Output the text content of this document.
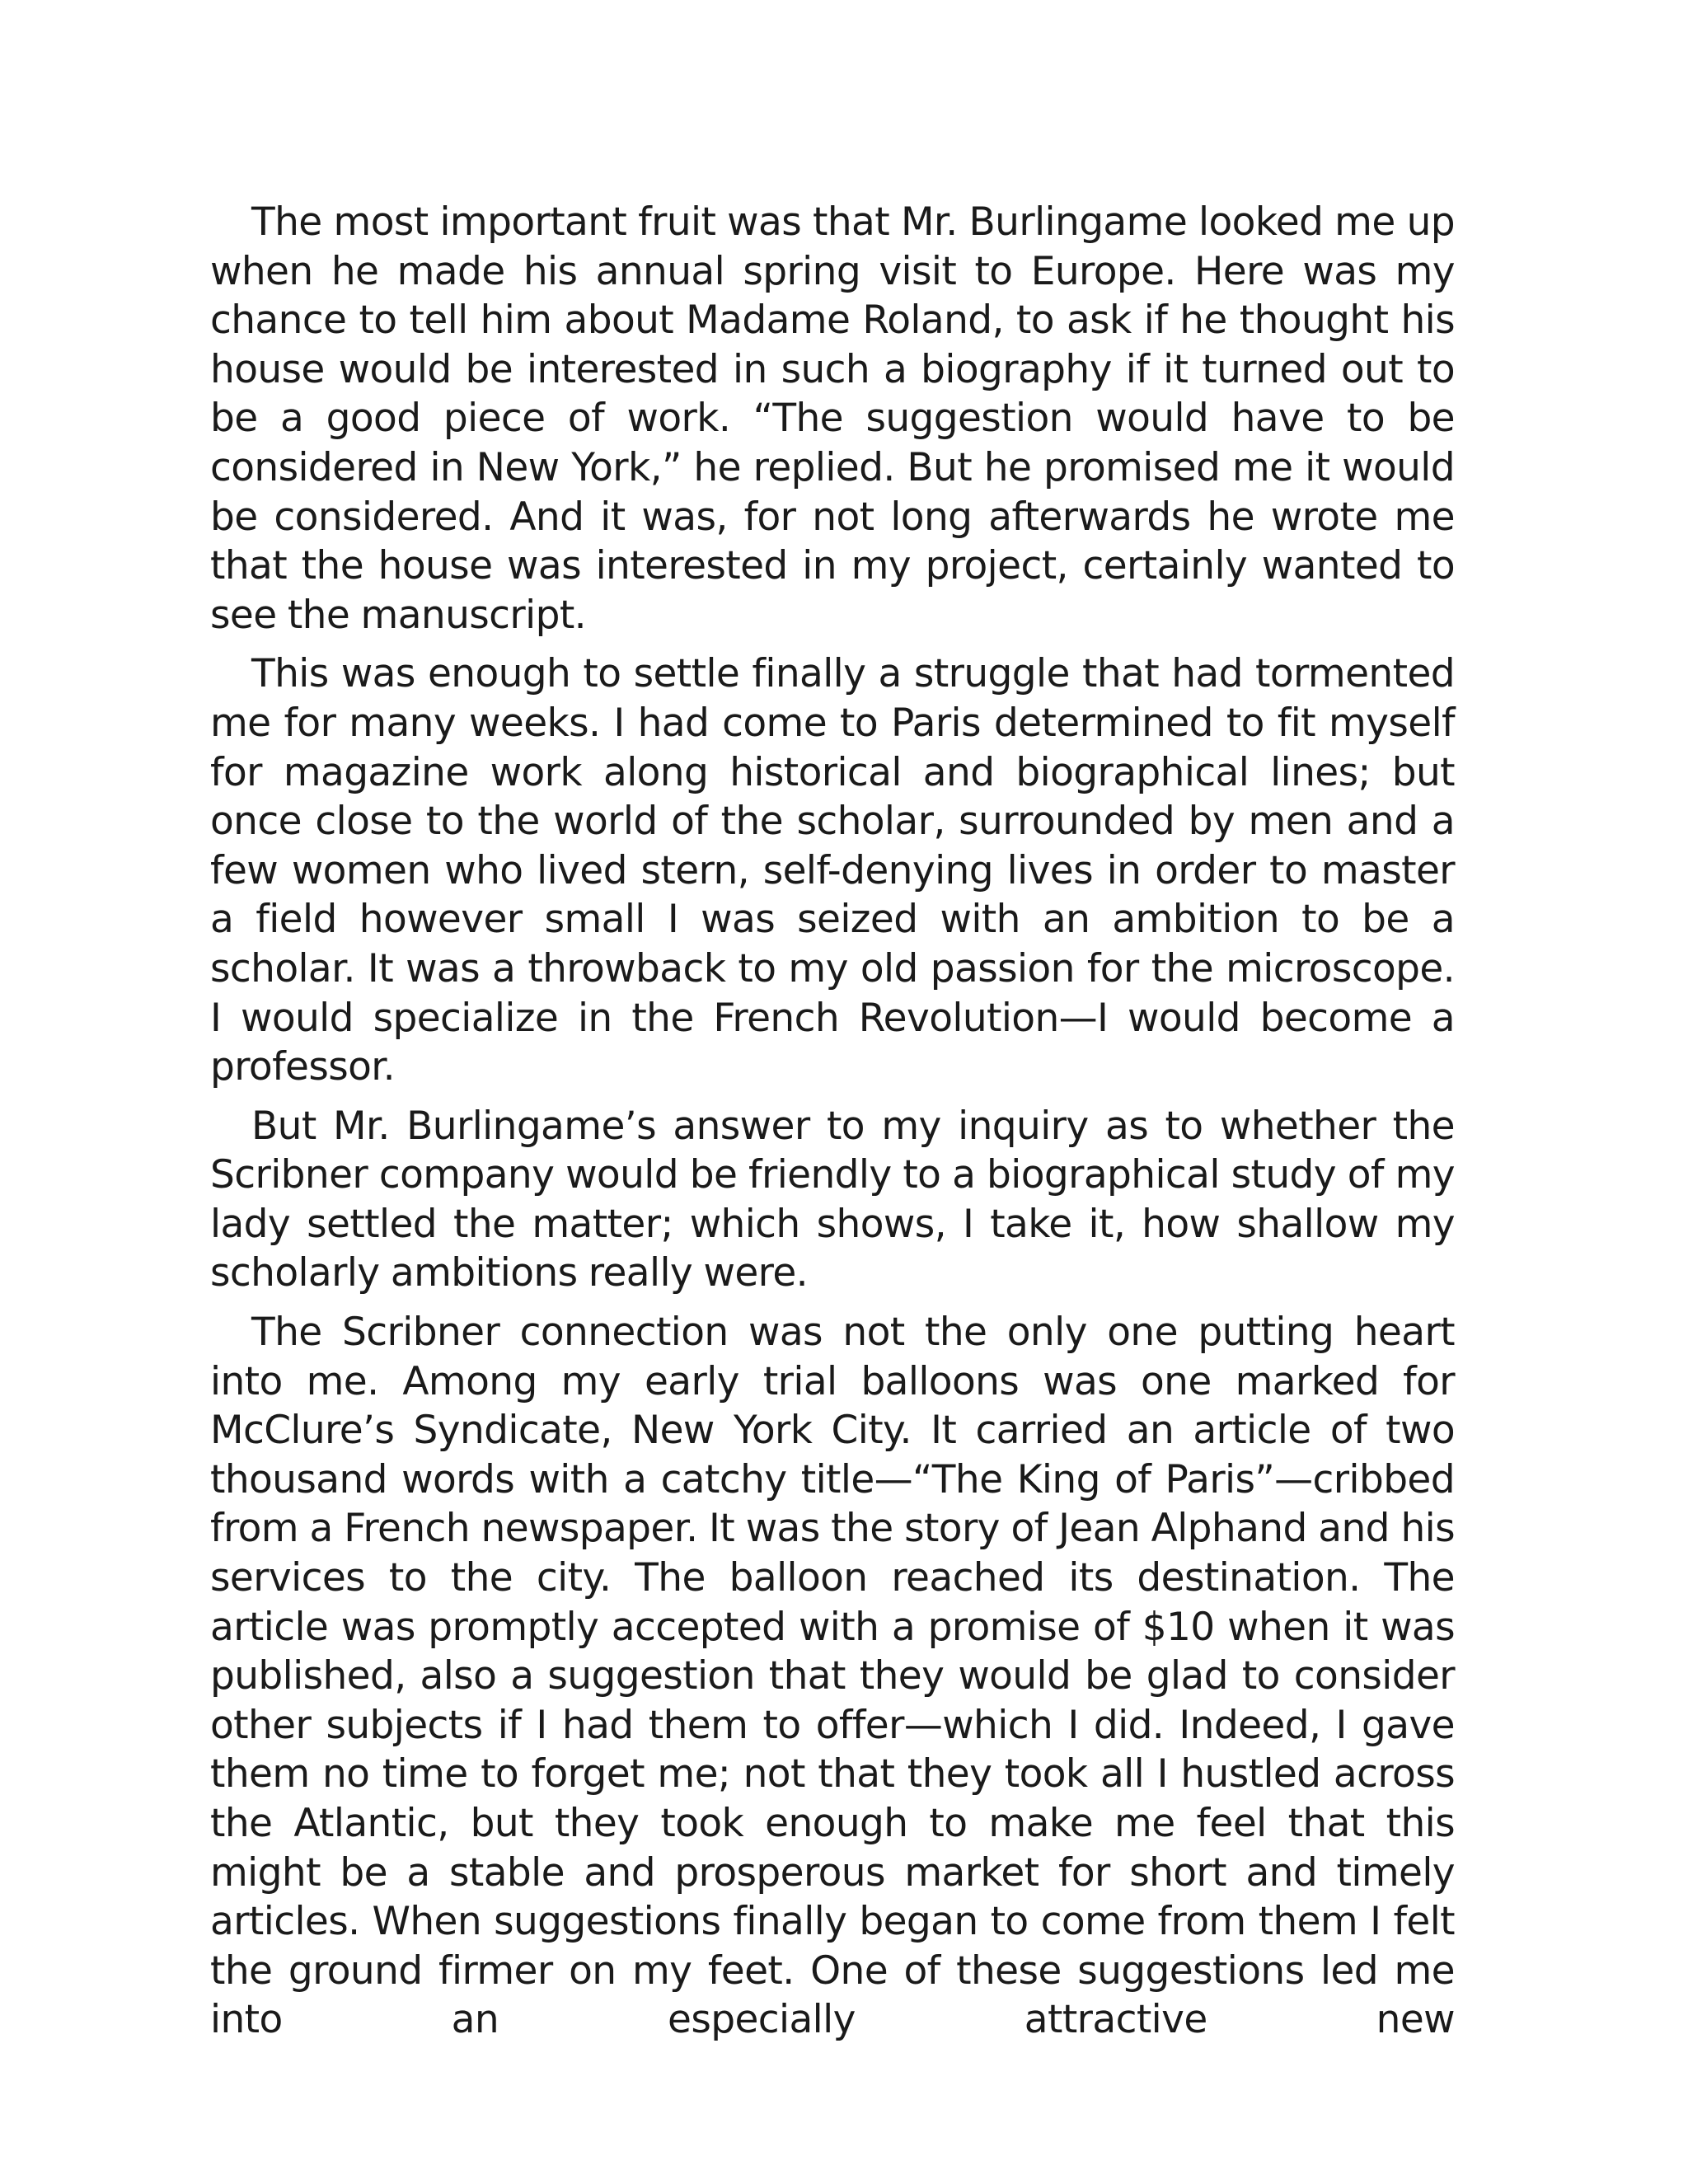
The most important fruit was that Mr. Burlingame looked me up when he made his annual spring visit to Europe. Here was my chance to tell him about Madame Roland, to ask if he thought his house would be interested in such a biography if it turned out to be a good piece of work. “The suggestion would have to be considered in New York,” he replied. But he promised me it would be considered. And it was, for not long afterwards he wrote me that the house was interested in my project, certainly wanted to see the manuscript.

This was enough to settle finally a struggle that had tormented me for many weeks. I had come to Paris determined to fit myself for magazine work along historical and biographical lines; but once close to the world of the scholar, surrounded by men and a few women who lived stern, self-denying lives in order to master a field however small I was seized with an ambition to be a scholar. It was a throwback to my old passion for the microscope. I would specialize in the French Revolution—I would become a professor.

But Mr. Burlingame’s answer to my inquiry as to whether the Scribner company would be friendly to a biographical study of my lady settled the matter; which shows, I take it, how shallow my scholarly ambitions really were.

The Scribner connection was not the only one putting heart into me. Among my early trial balloons was one marked for McClure’s Syndicate, New York City. It carried an article of two thousand words with a catchy title—“The King of Paris”—cribbed from a French newspaper. It was the story of Jean Alphand and his services to the city. The balloon reached its destination. The article was promptly accepted with a promise of $10 when it was published, also a suggestion that they would be glad to consider other subjects if I had them to offer—which I did. Indeed, I gave them no time to forget me; not that they took all I hustled across the Atlantic, but they took enough to make me feel that this might be a stable and prosperous market for short and timely articles. When suggestions finally began to come from them I felt the ground firmer on my feet. One of these suggestions led me into an especially attractive new
